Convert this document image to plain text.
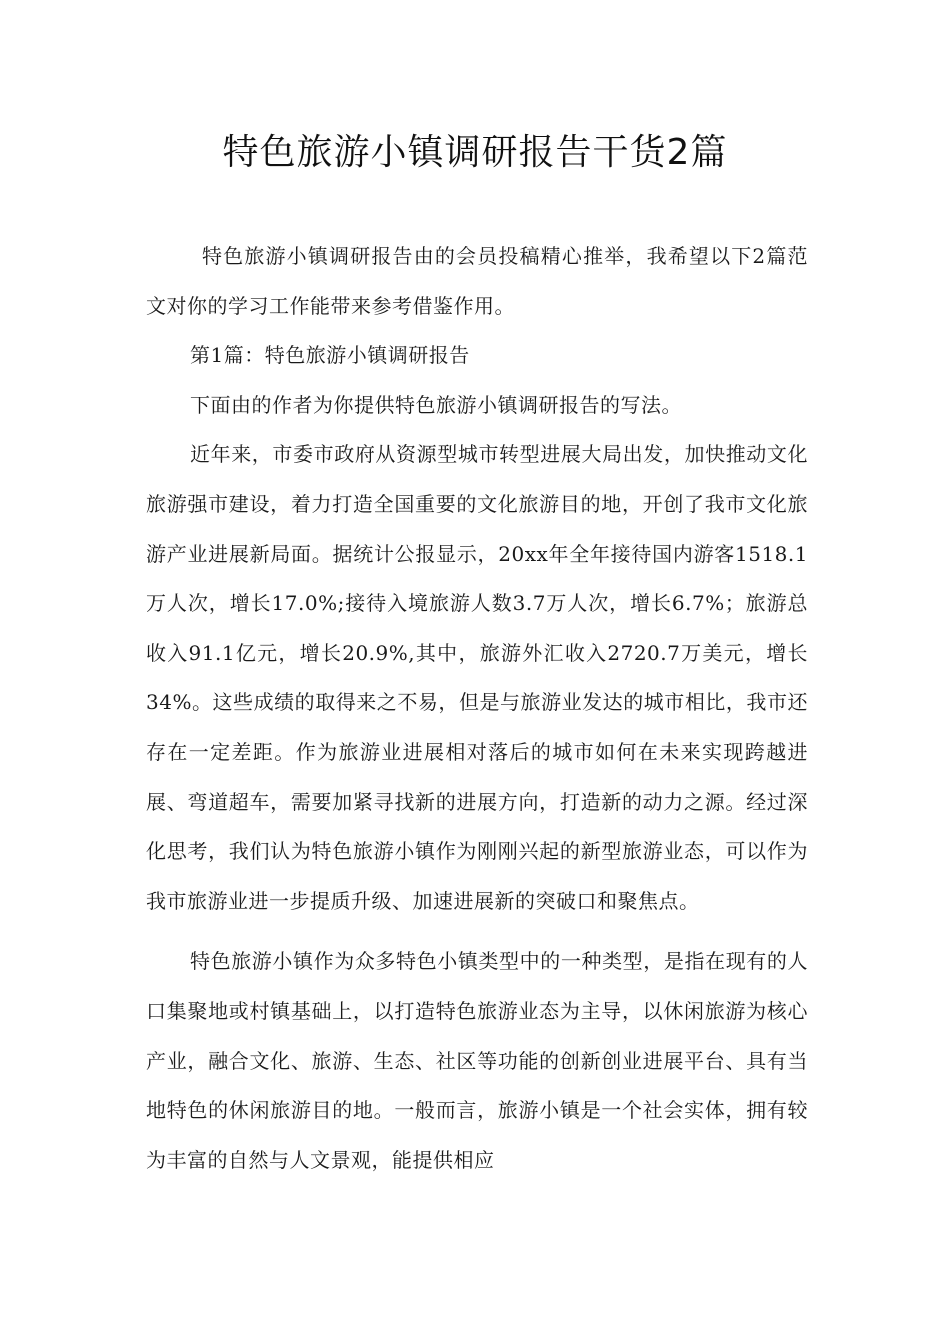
特色旅游小镇调研报告干货2篇

特色旅游小镇调研报告由的会员投稿精心推举，我希望以下2篇范文对你的学习工作能带来参考借鉴作用。

第1篇：特色旅游小镇调研报告

下面由的作者为你提供特色旅游小镇调研报告的写法。

近年来，市委市政府从资源型城市转型进展大局出发，加快推动文化旅游强市建设，着力打造全国重要的文化旅游目的地，开创了我市文化旅游产业进展新局面。据统计公报显示，20xx年全年接待国内游客1518.1万人次，增长17.0%;接待入境旅游人数3.7万人次，增长6.7%；旅游总收入91.1亿元，增长20.9%,其中，旅游外汇收入2720.7万美元，增长34%。这些成绩的取得来之不易，但是与旅游业发达的城市相比，我市还存在一定差距。作为旅游业进展相对落后的城市如何在未来实现跨越进展、弯道超车，需要加紧寻找新的进展方向，打造新的动力之源。经过深化思考，我们认为特色旅游小镇作为刚刚兴起的新型旅游业态，可以作为我市旅游业进一步提质升级、加速进展新的突破口和聚焦点。

特色旅游小镇作为众多特色小镇类型中的一种类型，是指在现有的人口集聚地或村镇基础上，以打造特色旅游业态为主导，以休闲旅游为核心产业，融合文化、旅游、生态、社区等功能的创新创业进展平台、具有当地特色的休闲旅游目的地。一般而言，旅游小镇是一个社会实体，拥有较为丰富的自然与人文景观，能提供相应
